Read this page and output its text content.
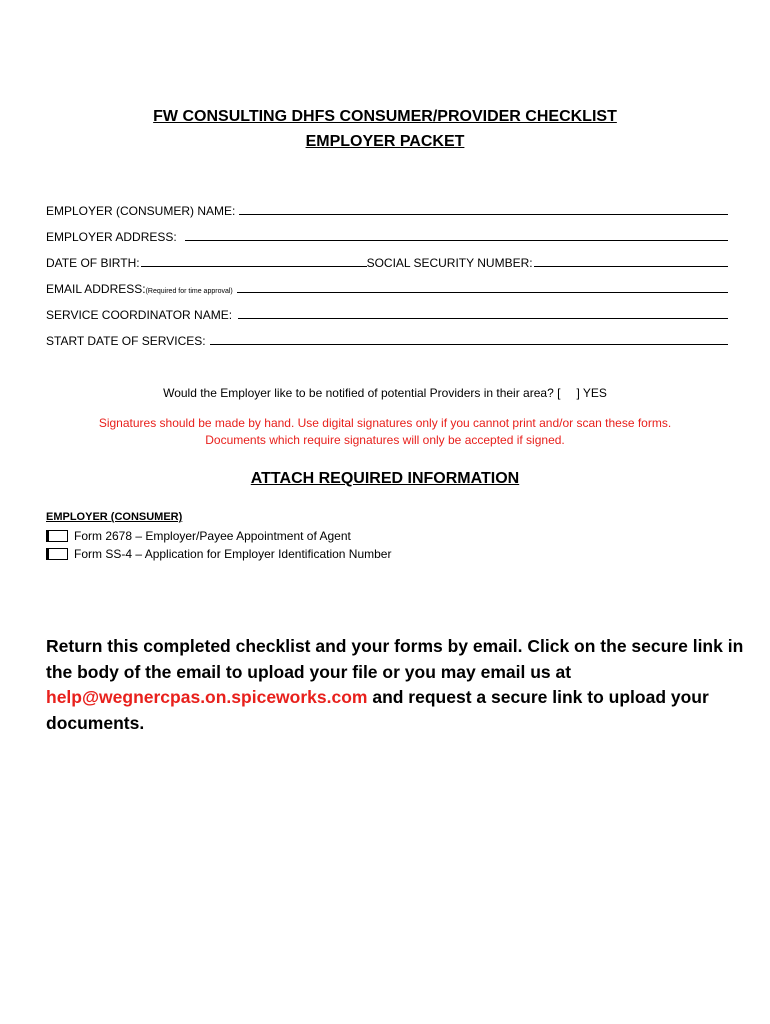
FW CONSULTING DHFS CONSUMER/PROVIDER CHECKLIST
EMPLOYER PACKET
EMPLOYER (CONSUMER) NAME:
EMPLOYER ADDRESS:
DATE OF BIRTH:	SOCIAL SECURITY NUMBER:
EMAIL ADDRESS: (Required for time approval)
SERVICE COORDINATOR NAME:
START DATE OF SERVICES:
Would the Employer like to be notified of potential Providers in their area? [ ] YES
Signatures should be made by hand. Use digital signatures only if you cannot print and/or scan these forms.
Documents which require signatures will only be accepted if signed.
ATTACH REQUIRED INFORMATION
EMPLOYER (CONSUMER)
Form 2678 – Employer/Payee Appointment of Agent
Form SS-4 – Application for Employer Identification Number
Return this completed checklist and your forms by email. Click on the secure link in the body of the email to upload your file or you may email us at help@wegnercpas.on.spiceworks.com and request a secure link to upload your documents.
